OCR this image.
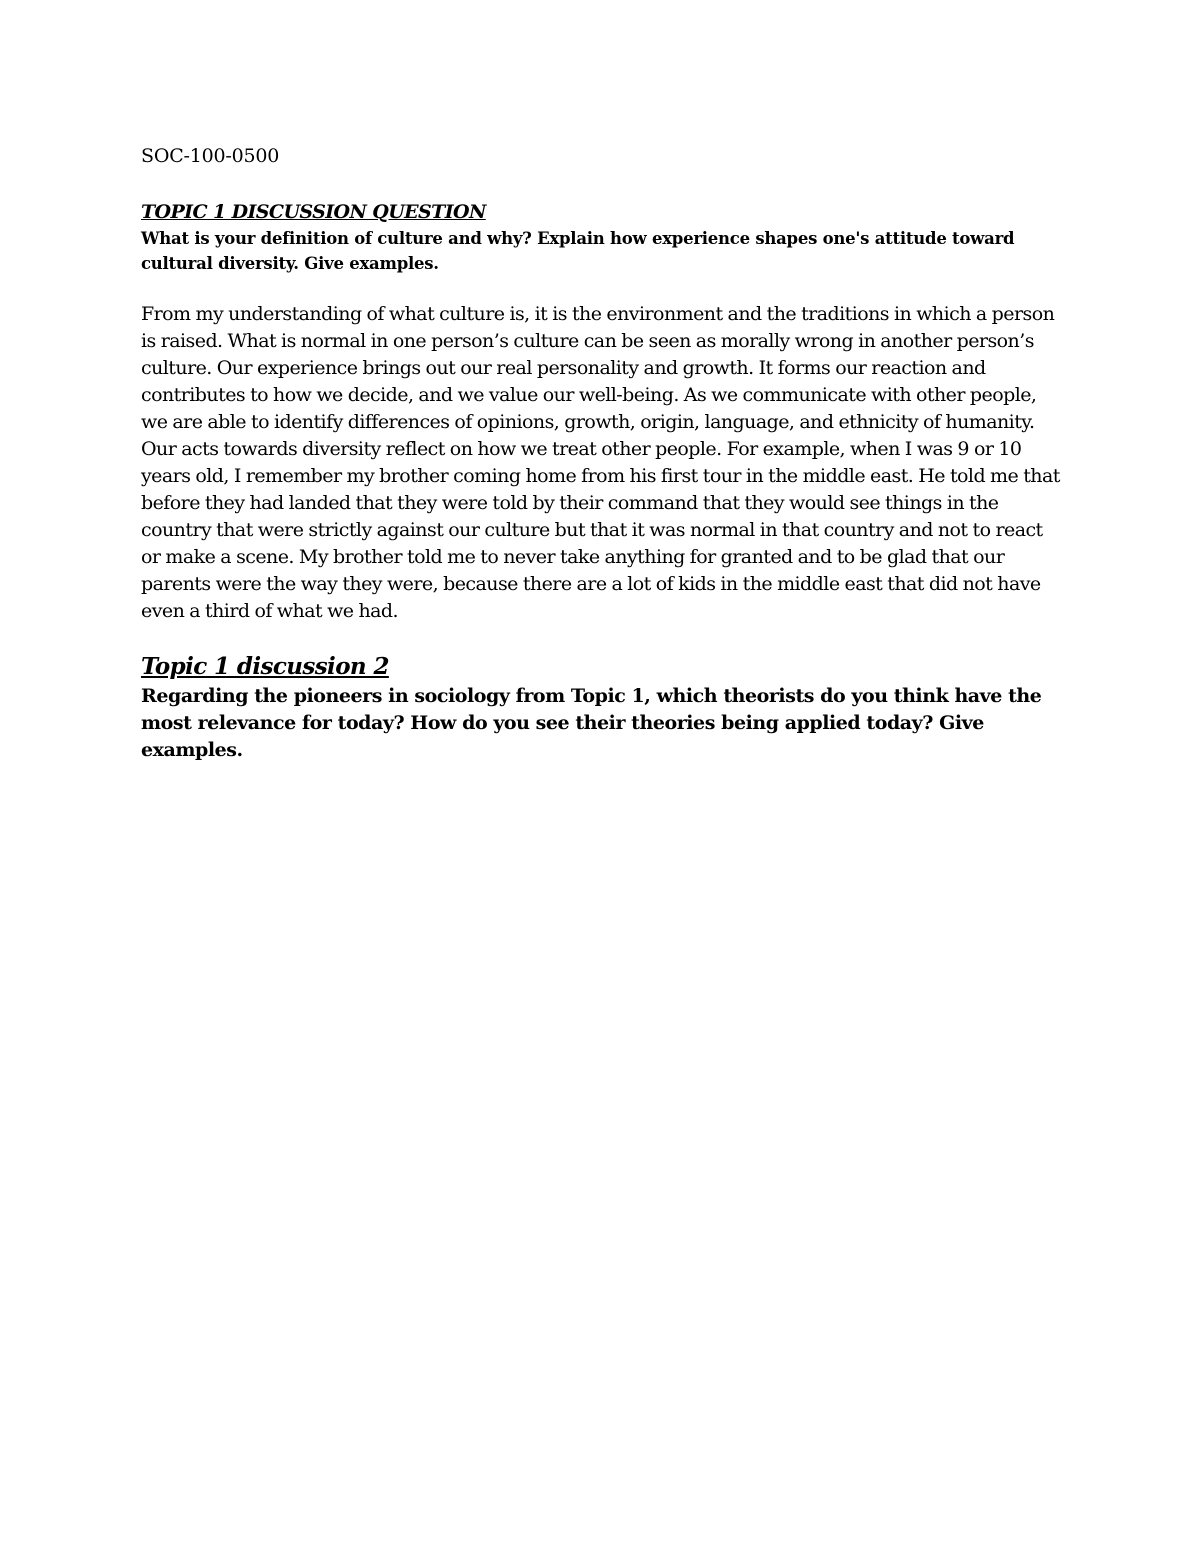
SOC-100-0500

TOPIC 1 DISCUSSION QUESTION

What is your definition of culture and why? Explain how experience shapes one's attitude toward cultural diversity. Give examples.

From my understanding of what culture is, it is the environment and the traditions in which a person is raised. What is normal in one person’s culture can be seen as morally wrong in another person’s culture. Our experience brings out our real personality and growth. It forms our reaction and contributes to how we decide, and we value our well-being. As we communicate with other people, we are able to identify differences of opinions, growth, origin, language, and ethnicity of humanity. Our acts towards diversity reflect on how we treat other people. For example, when I was 9 or 10 years old, I remember my brother coming home from his first tour in the middle east. He told me that before they had landed that they were told by their command that they would see things in the country that were strictly against our culture but that it was normal in that country and not to react or make a scene. My brother told me to never take anything for granted and to be glad that our parents were the way they were, because there are a lot of kids in the middle east that did not have even a third of what we had.

Topic 1 discussion 2

Regarding the pioneers in sociology from Topic 1, which theorists do you think have the most relevance for today? How do you see their theories being applied today? Give examples.
